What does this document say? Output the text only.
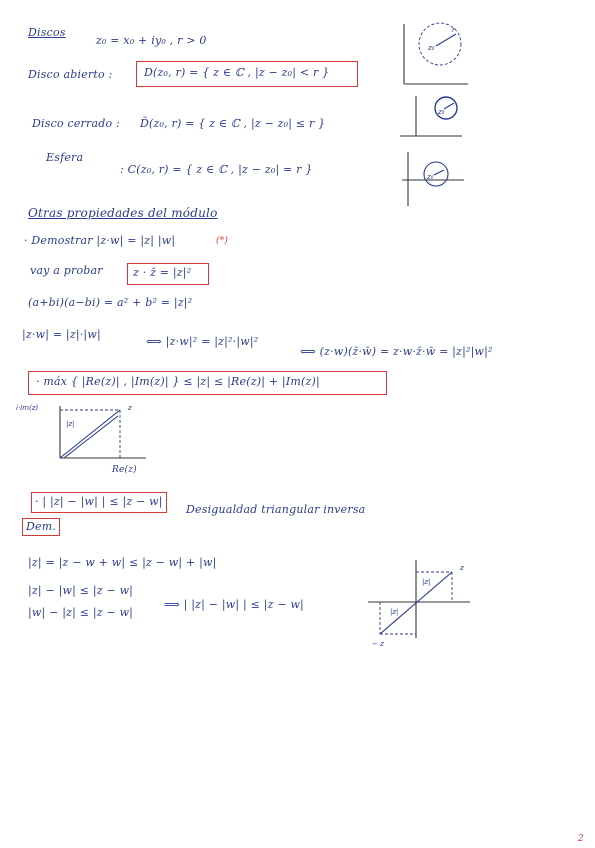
Discos
z₀ = x₀ + iy₀ , r > 0
Disco abierto :	D(z₀, r) = { z ∈ ℂ , |z − z₀| < r }
Disco cerrado : D̄(z₀, r) = { z ∈ ℂ , |z − z₀| ≤ r }
Esfera
: C(z₀, r) = { z ∈ ℂ , |z − z₀| = r }
z₀
r
z₀
z₀
Otras propiedades del módulo
· Demostrar |z·w| = |z| |w|	(*)
vay a probar	z · z̄ = |z|²
(a+bi)(a−bi) = a² + b² = |z|²
|z·w| = |z|·|w|
⟺ |z·w|² = |z|²·|w|²
⟺ (z·w)(z̄·w̄) = z·w·z̄·w̄ = |z|²|w|²
· máx { |Re(z)| , |Im(z)| } ≤ |z| ≤ |Re(z)| + |Im(z)|
i·Im(z)
|z|
z
Re(z)
· | |z| − |w| | ≤ |z − w|
Desigualdad triangular inversa
Dem.
|z| = |z − w + w| ≤ |z − w| + |w|
|z| − |w| ≤ |z − w|
|w| − |z| ≤ |z − w|
⟹ | |z| − |w| | ≤ |z − w|
z
− z
|z|
|z|
2
